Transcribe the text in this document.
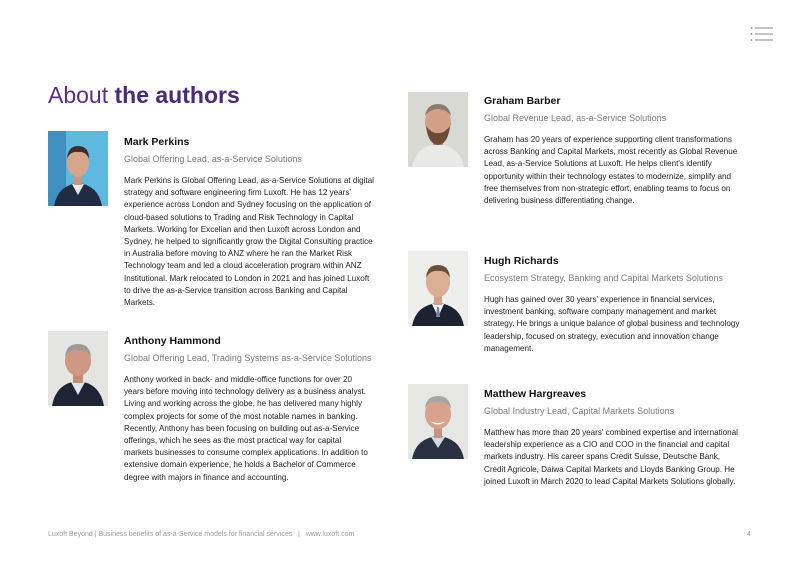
About the authors

Mark Perkins

Global Offering Lead, as-a-Service Solutions
Mark Perkins is Global Offering Lead, as-a-Service Solutions at digital strategy and software engineering firm Luxoft. He has 12 years' experience across London and Sydney focusing on the application of cloud-based solutions to Trading and Risk Technology in Capital Markets. Working for Excelian and then Luxoft across London and Sydney, he helped to significantly grow the Digital Consulting practice in Australia before moving to ANZ where he ran the Market Risk Technology team and led a cloud acceleration program within ANZ Institutional. Mark relocated to London in 2021 and has joined Luxoft to drive the as-a-Service transition across Banking and Capital Markets.

Anthony Hammond

Global Offering Lead, Trading Systems as-a-Service Solutions
Anthony worked in back- and middle-office functions for over 20 years before moving into technology delivery as a business analyst. Living and working across the globe, he has delivered many highly complex projects for some of the most notable names in banking. Recently, Anthony has been focusing on building out as-a-Service offerings, which he sees as the most practical way for capital markets businesses to consume complex applications. In addition to extensive domain experience, he holds a Bachelor of Commerce degree with majors in finance and accounting.

Graham Barber

Global Revenue Lead, as-a-Service Solutions
Graham has 20 years of experience supporting client transformations across Banking and Capital Markets, most recently as Global Revenue Lead, as-a-Service Solutions at Luxoft. He helps client's identify opportunity within their technology estates to modernize, simplify and free themselves from non-strategic effort, enabling teams to focus on delivering business differentiating change.

Hugh Richards

Ecosystem Strategy, Banking and Capital Markets Solutions
Hugh has gained over 30 years' experience in financial services, investment banking, software company management and market strategy. He brings a unique balance of global business and technology leadership, focused on strategy, execution and innovation change management.

Matthew Hargreaves

Global Industry Lead, Capital Markets Solutions
Matthew has more than 20 years' combined expertise and international leadership experience as a CIO and COO in the financial and capital markets industry. His career spans Credit Suisse, Deutsche Bank, Credit Agricole, Daiwa Capital Markets and Lloyds Banking Group. He joined Luxoft in March 2020 to lead Capital Markets Solutions globally.
Luxoft Beyond | Business benefits of as-a-Service models for financial services   |   www.luxoft.com	4
